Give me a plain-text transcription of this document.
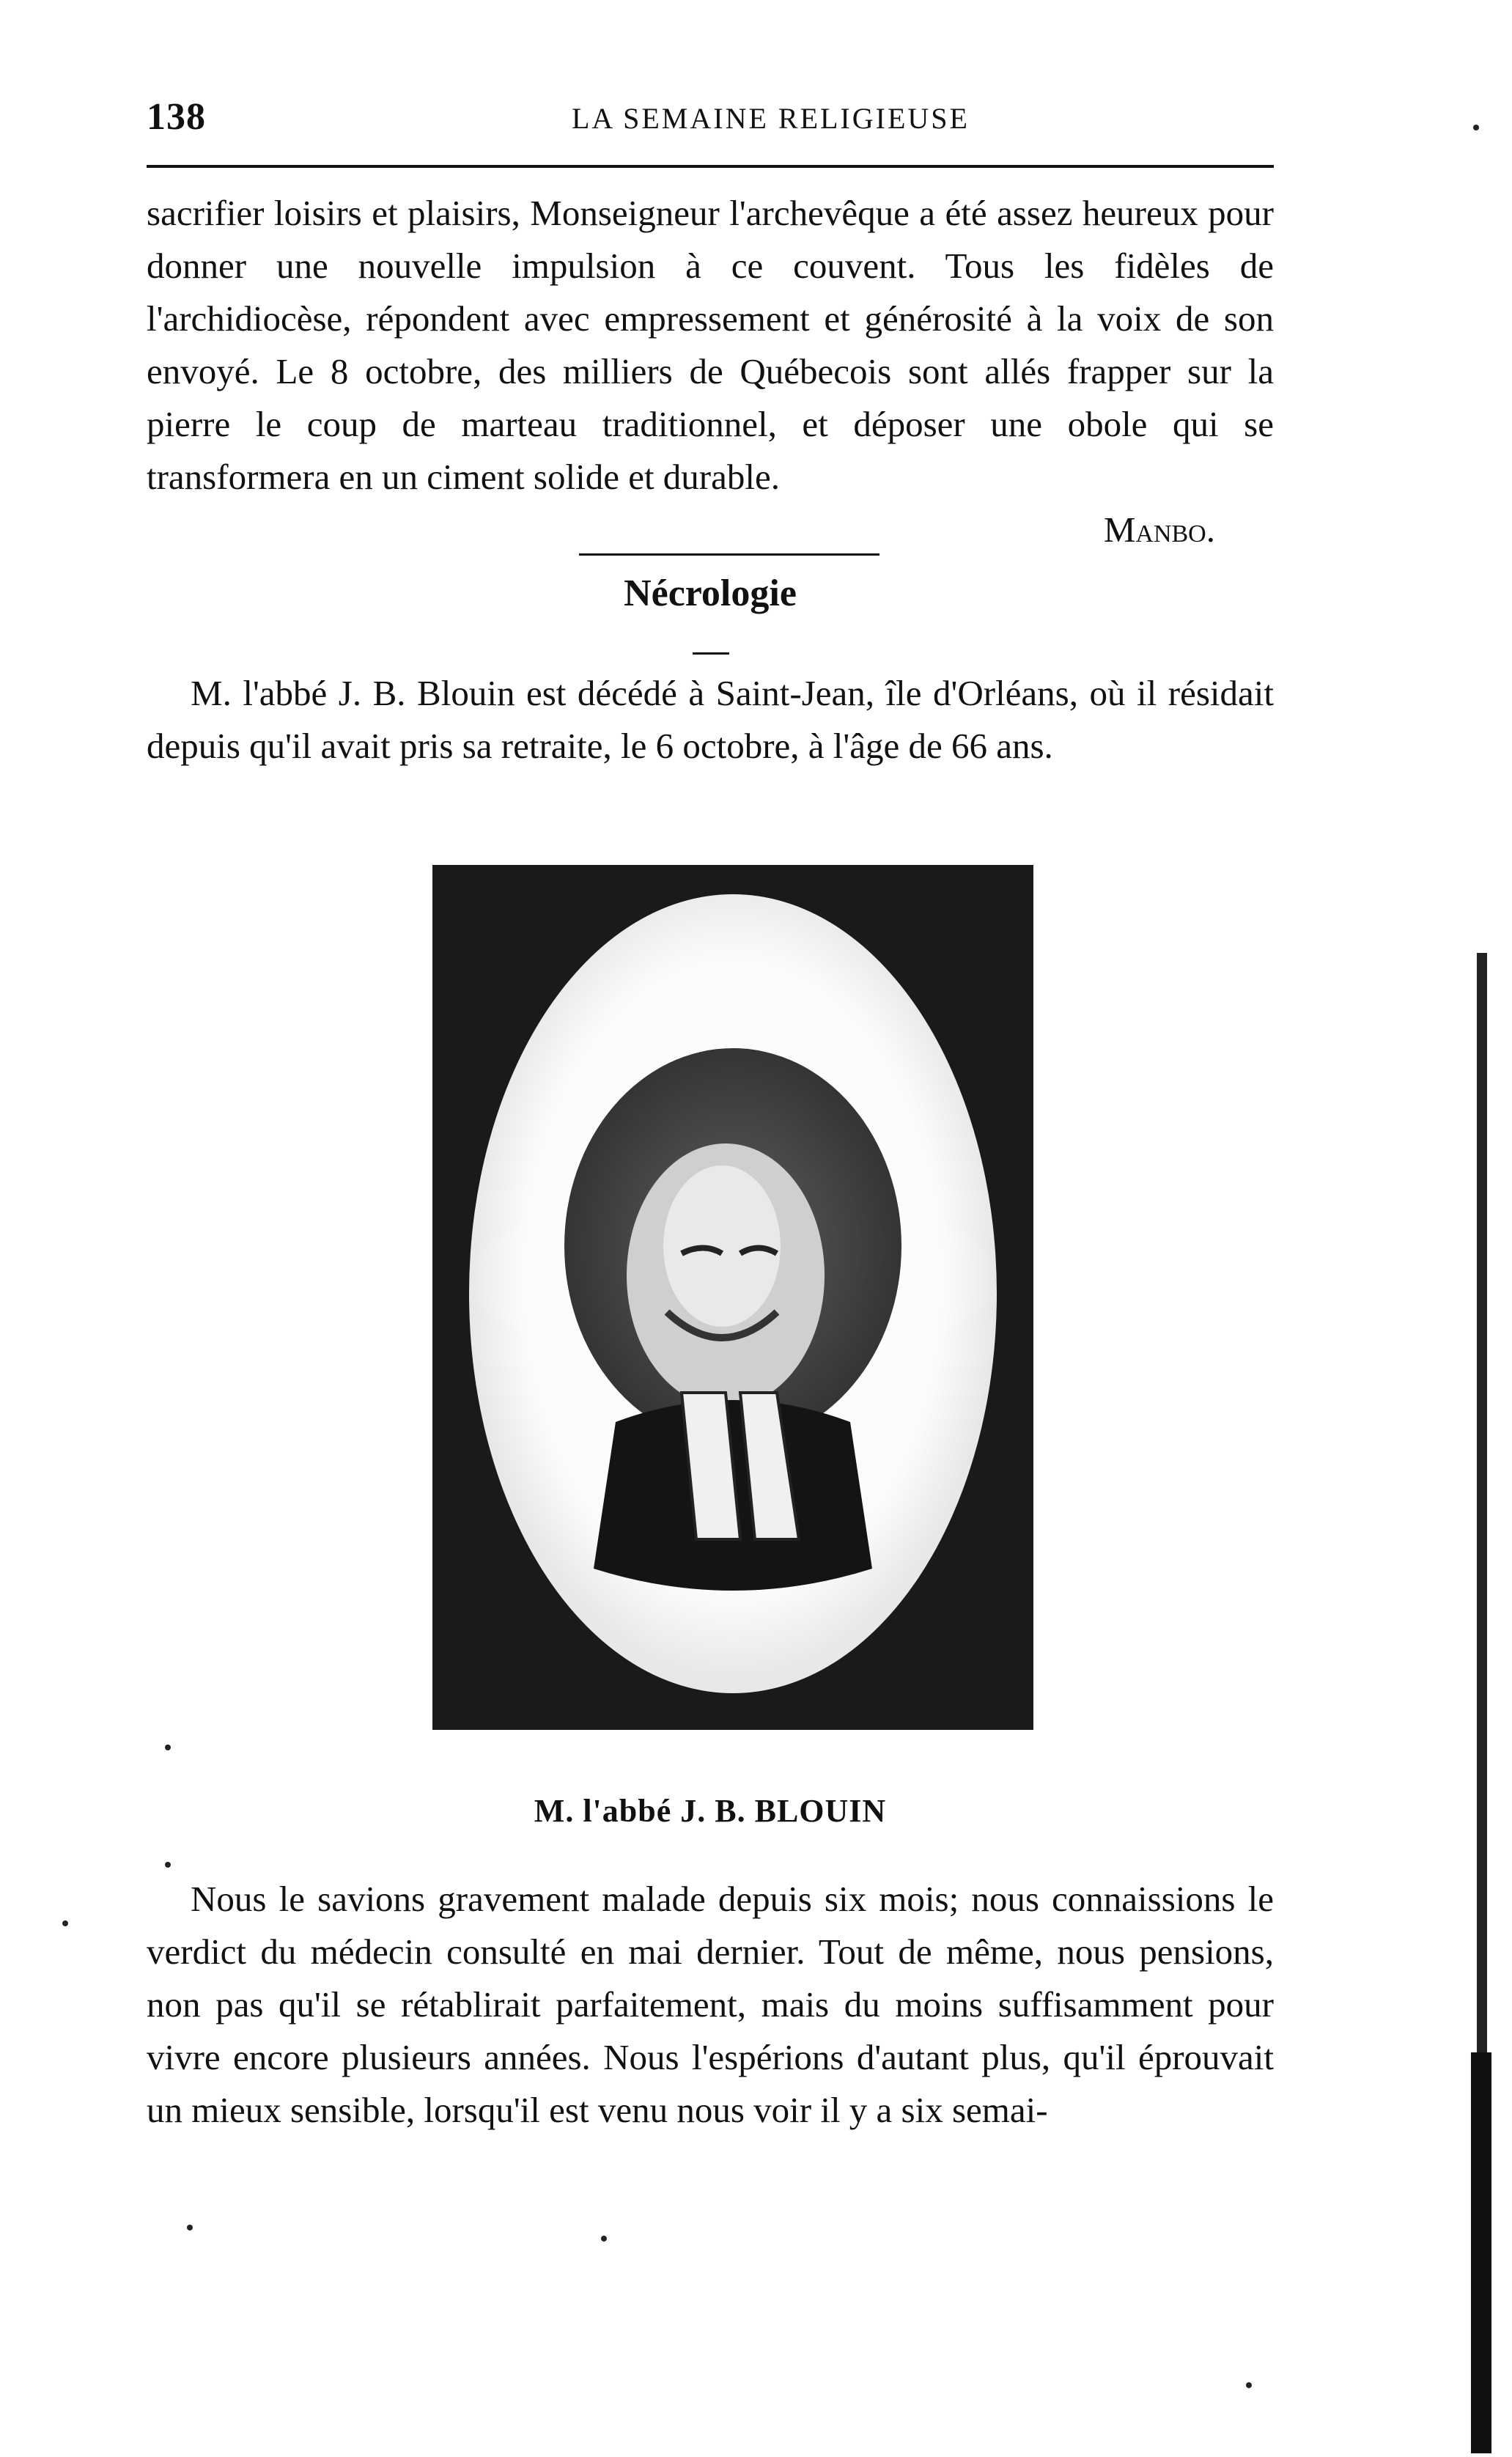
138	LA SEMAINE RELIGIEUSE
sacrifier loisirs et plaisirs, Monseigneur l'archevêque a été assez heureux pour donner une nouvelle impulsion à ce couvent. Tous les fidèles de l'archidiocèse, répondent avec empressement et générosité à la voix de son envoyé. Le 8 octobre, des milliers de Québecois sont allés frapper sur la pierre le coup de marteau traditionnel, et déposer une obole qui se transformera en un ciment solide et durable.
Manbo.
Nécrologie
M. l'abbé J. B. Blouin est décédé à Saint-Jean, île d'Orléans, où il résidait depuis qu'il avait pris sa retraite, le 6 octobre, à l'âge de 66 ans.
M. l'abbé J. B. BLOUIN
Nous le savions gravement malade depuis six mois; nous connaissions le verdict du médecin consulté en mai dernier. Tout de même, nous pensions, non pas qu'il se rétablirait parfaitement, mais du moins suffisamment pour vivre encore plusieurs années. Nous l'espérions d'autant plus, qu'il éprouvait un mieux sensible, lorsqu'il est venu nous voir il y a six semai-
